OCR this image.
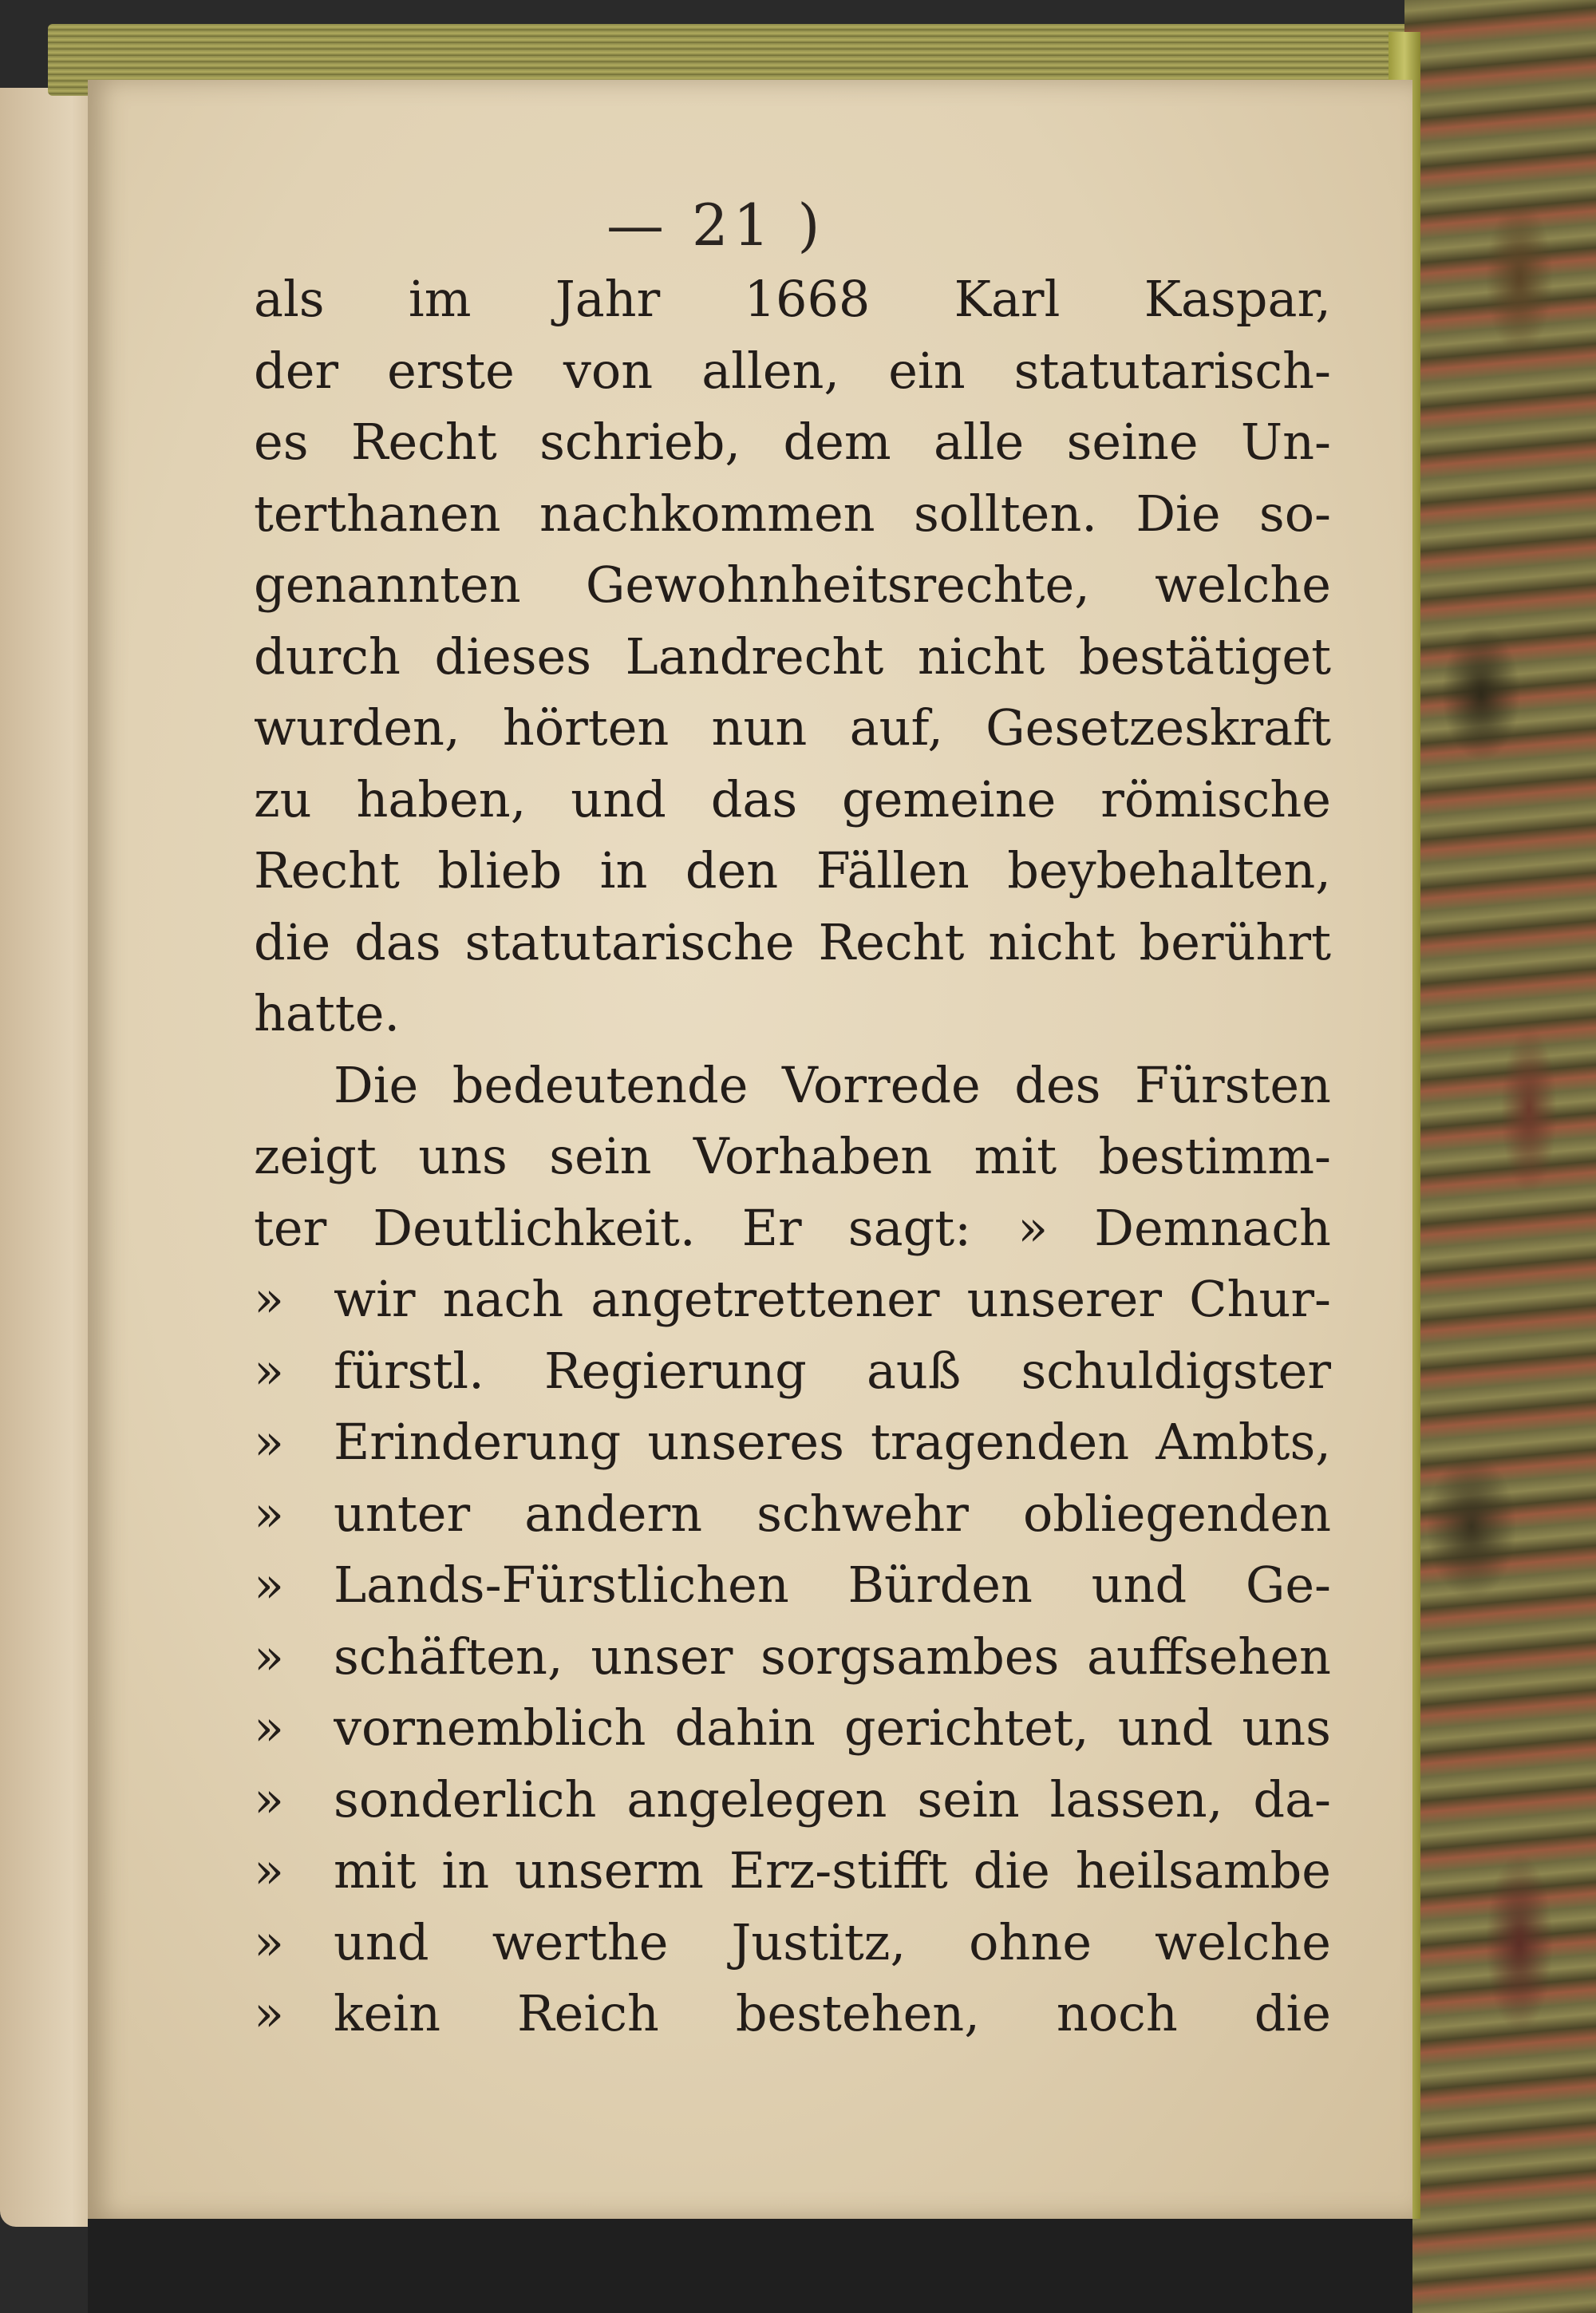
— 21 )
als im Jahr 1668 Karl Kaspar,
der erste von allen, ein statutarisch-
es Recht schrieb, dem alle seine Un-
terthanen nachkommen sollten. Die so-
genannten Gewohnheitsrechte, welche
durch dieses Landrecht nicht bestätiget
wurden, hörten nun auf, Gesetzeskraft
zu haben, und das gemeine römische
Recht blieb in den Fällen beybehalten,
die das statutarische Recht nicht berührt
hatte.
Die bedeutende Vorrede des Fürsten
zeigt uns sein Vorhaben mit bestimm-
ter Deutlichkeit. Er sagt: » Demnach
»	wir nach angetrettener unserer Chur-
»	fürstl. Regierung auß schuldigster
»	Erinderung unseres tragenden Ambts,
»	unter andern schwehr obliegenden
»	Lands-Fürstlichen Bürden und Ge-
»	schäften, unser sorgsambes auffsehen
»	vornemblich dahin gerichtet, und uns
»	sonderlich angelegen sein lassen, da-
»	mit in unserm Erz-stifft die heilsambe
»	und werthe Justitz, ohne welche
»	kein Reich bestehen, noch die
